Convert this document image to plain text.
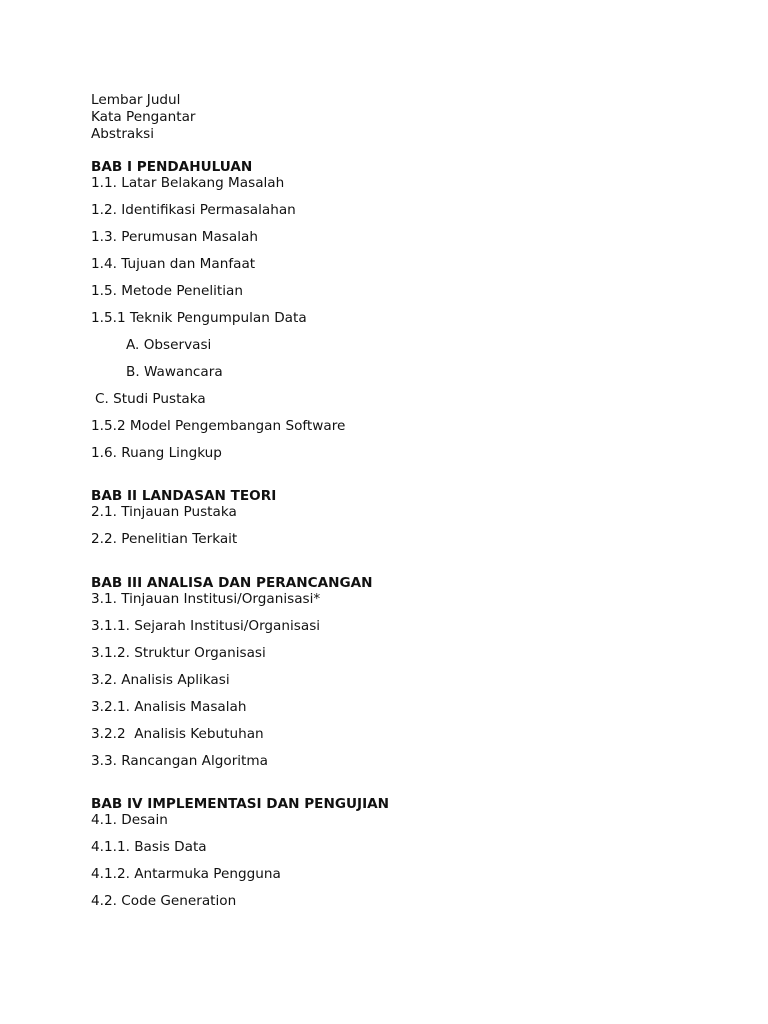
Lembar Judul

Kata Pengantar

Abstraksi

BAB I PENDAHULUAN

1.1. Latar Belakang Masalah

1.2. Identifikasi Permasalahan

1.3. Perumusan Masalah

1.4. Tujuan dan Manfaat

1.5. Metode Penelitian

1.5.1 Teknik Pengumpulan Data

A. Observasi

B. Wawancara

C. Studi Pustaka

1.5.2 Model Pengembangan Software

1.6. Ruang Lingkup

BAB II LANDASAN TEORI

2.1. Tinjauan Pustaka

2.2. Penelitian Terkait

BAB III ANALISA DAN PERANCANGAN

3.1. Tinjauan Institusi/Organisasi*

3.1.1. Sejarah Institusi/Organisasi

3.1.2. Struktur Organisasi

3.2. Analisis Aplikasi

3.2.1. Analisis Masalah

3.2.2  Analisis Kebutuhan

3.3. Rancangan Algoritma

BAB IV IMPLEMENTASI DAN PENGUJIAN

4.1. Desain

4.1.1. Basis Data

4.1.2. Antarmuka Pengguna

4.2. Code Generation
